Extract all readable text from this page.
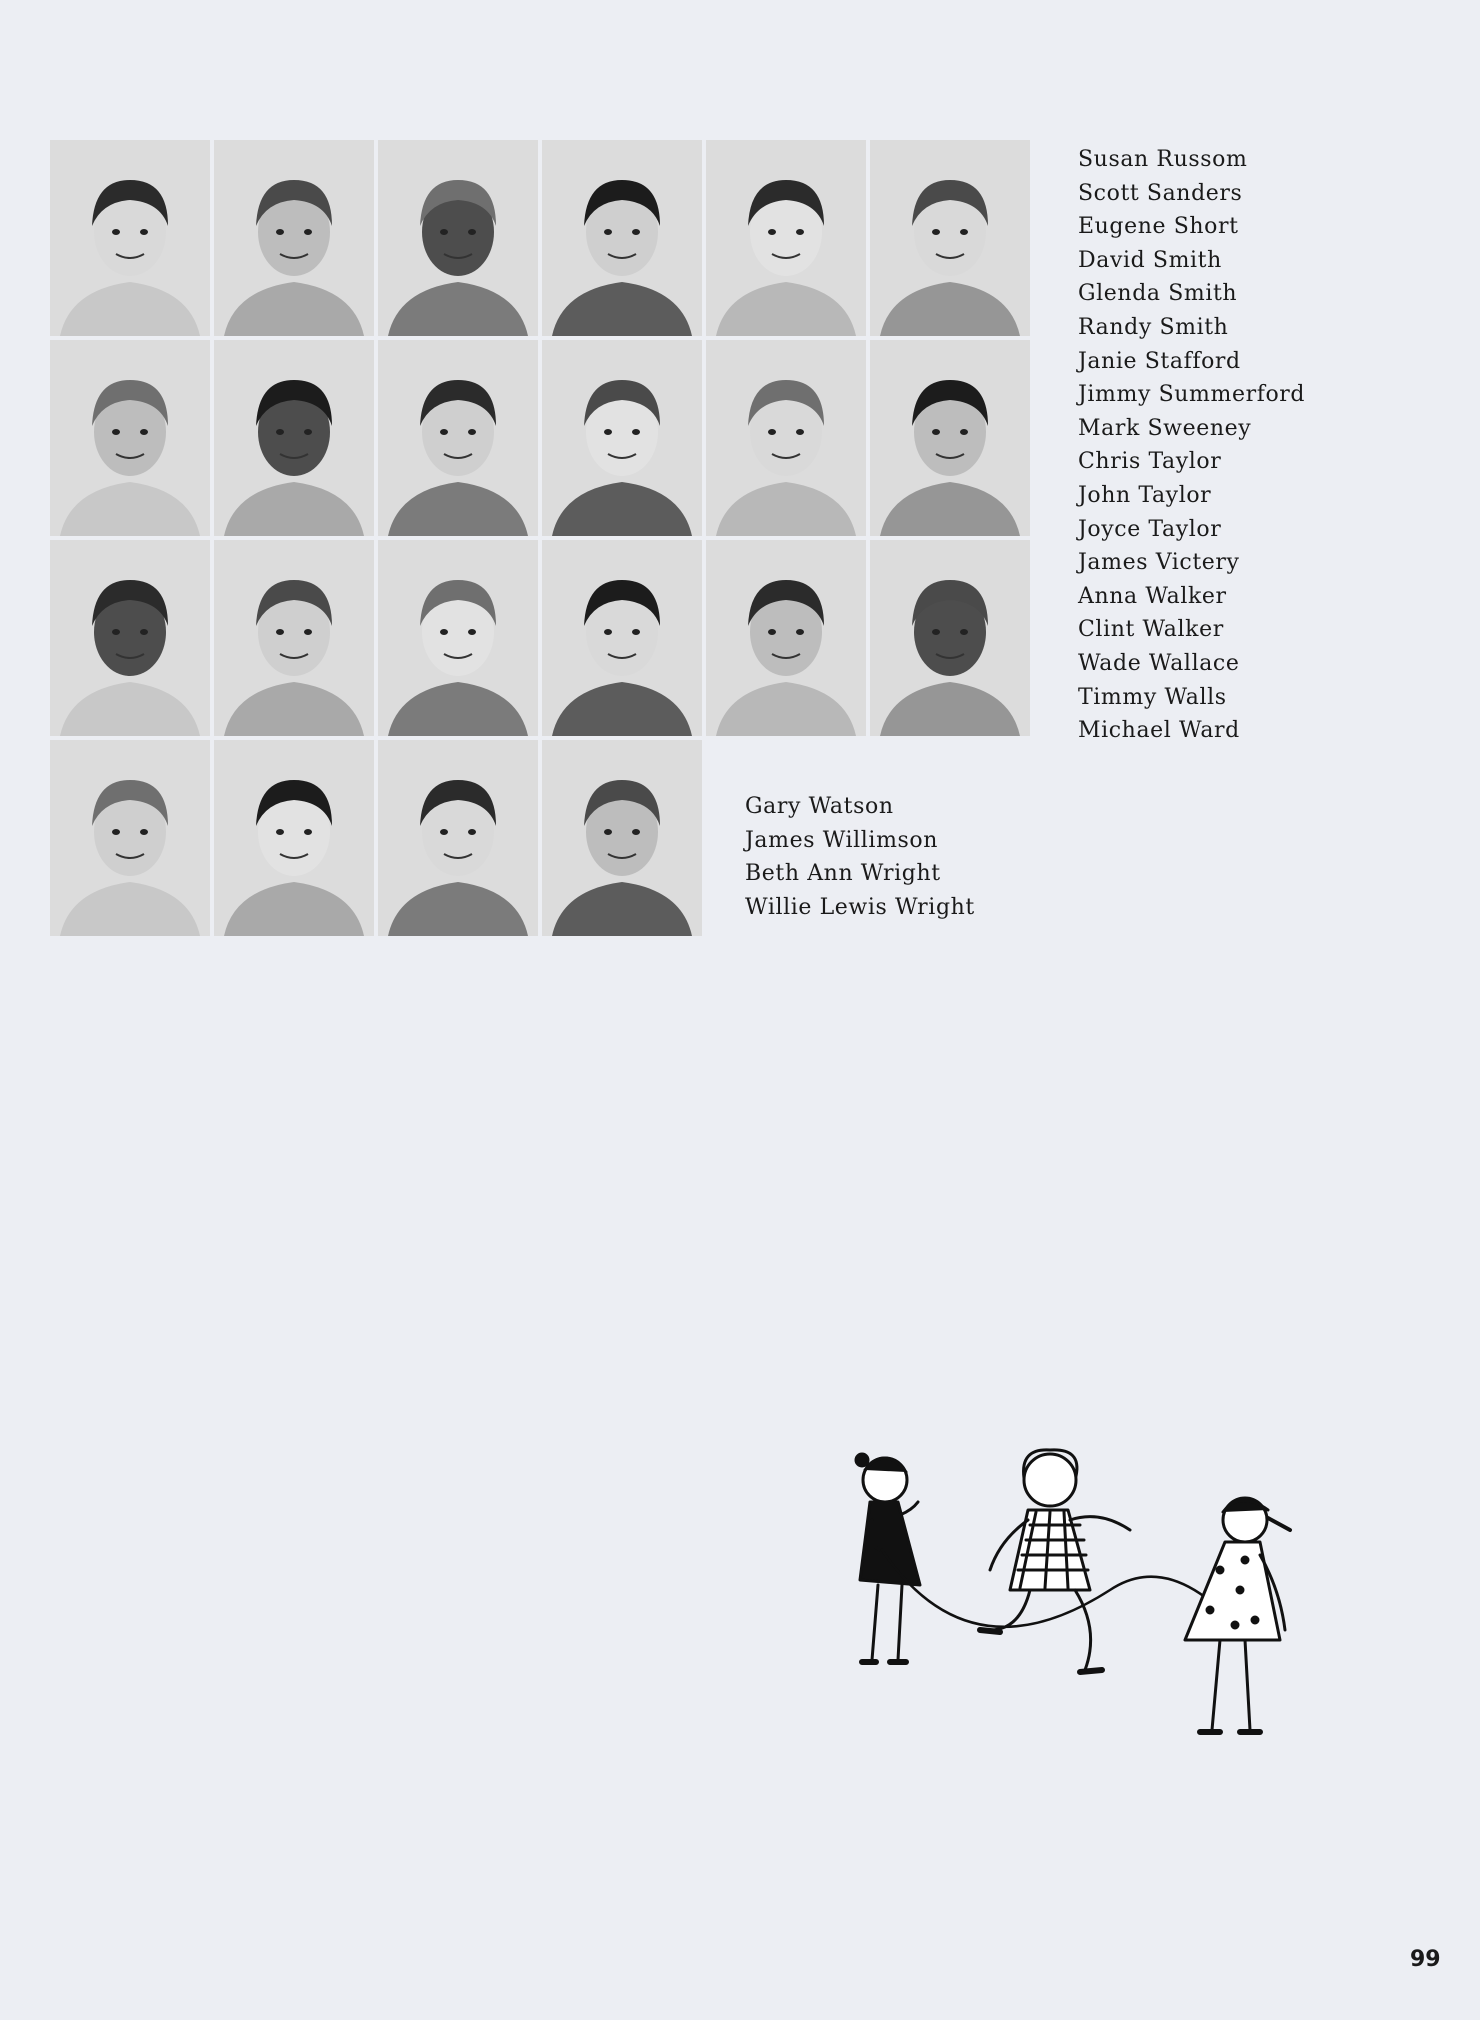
Susan Russom
Scott Sanders
Eugene Short
David Smith
Glenda Smith
Randy Smith
Janie Stafford
Jimmy Summerford
Mark Sweeney
Chris Taylor
John Taylor
Joyce Taylor
James Victery
Anna Walker
Clint Walker
Wade Wallace
Timmy Walls
Michael Ward
Gary Watson
James Willimson
Beth Ann Wright
Willie Lewis Wright
99
